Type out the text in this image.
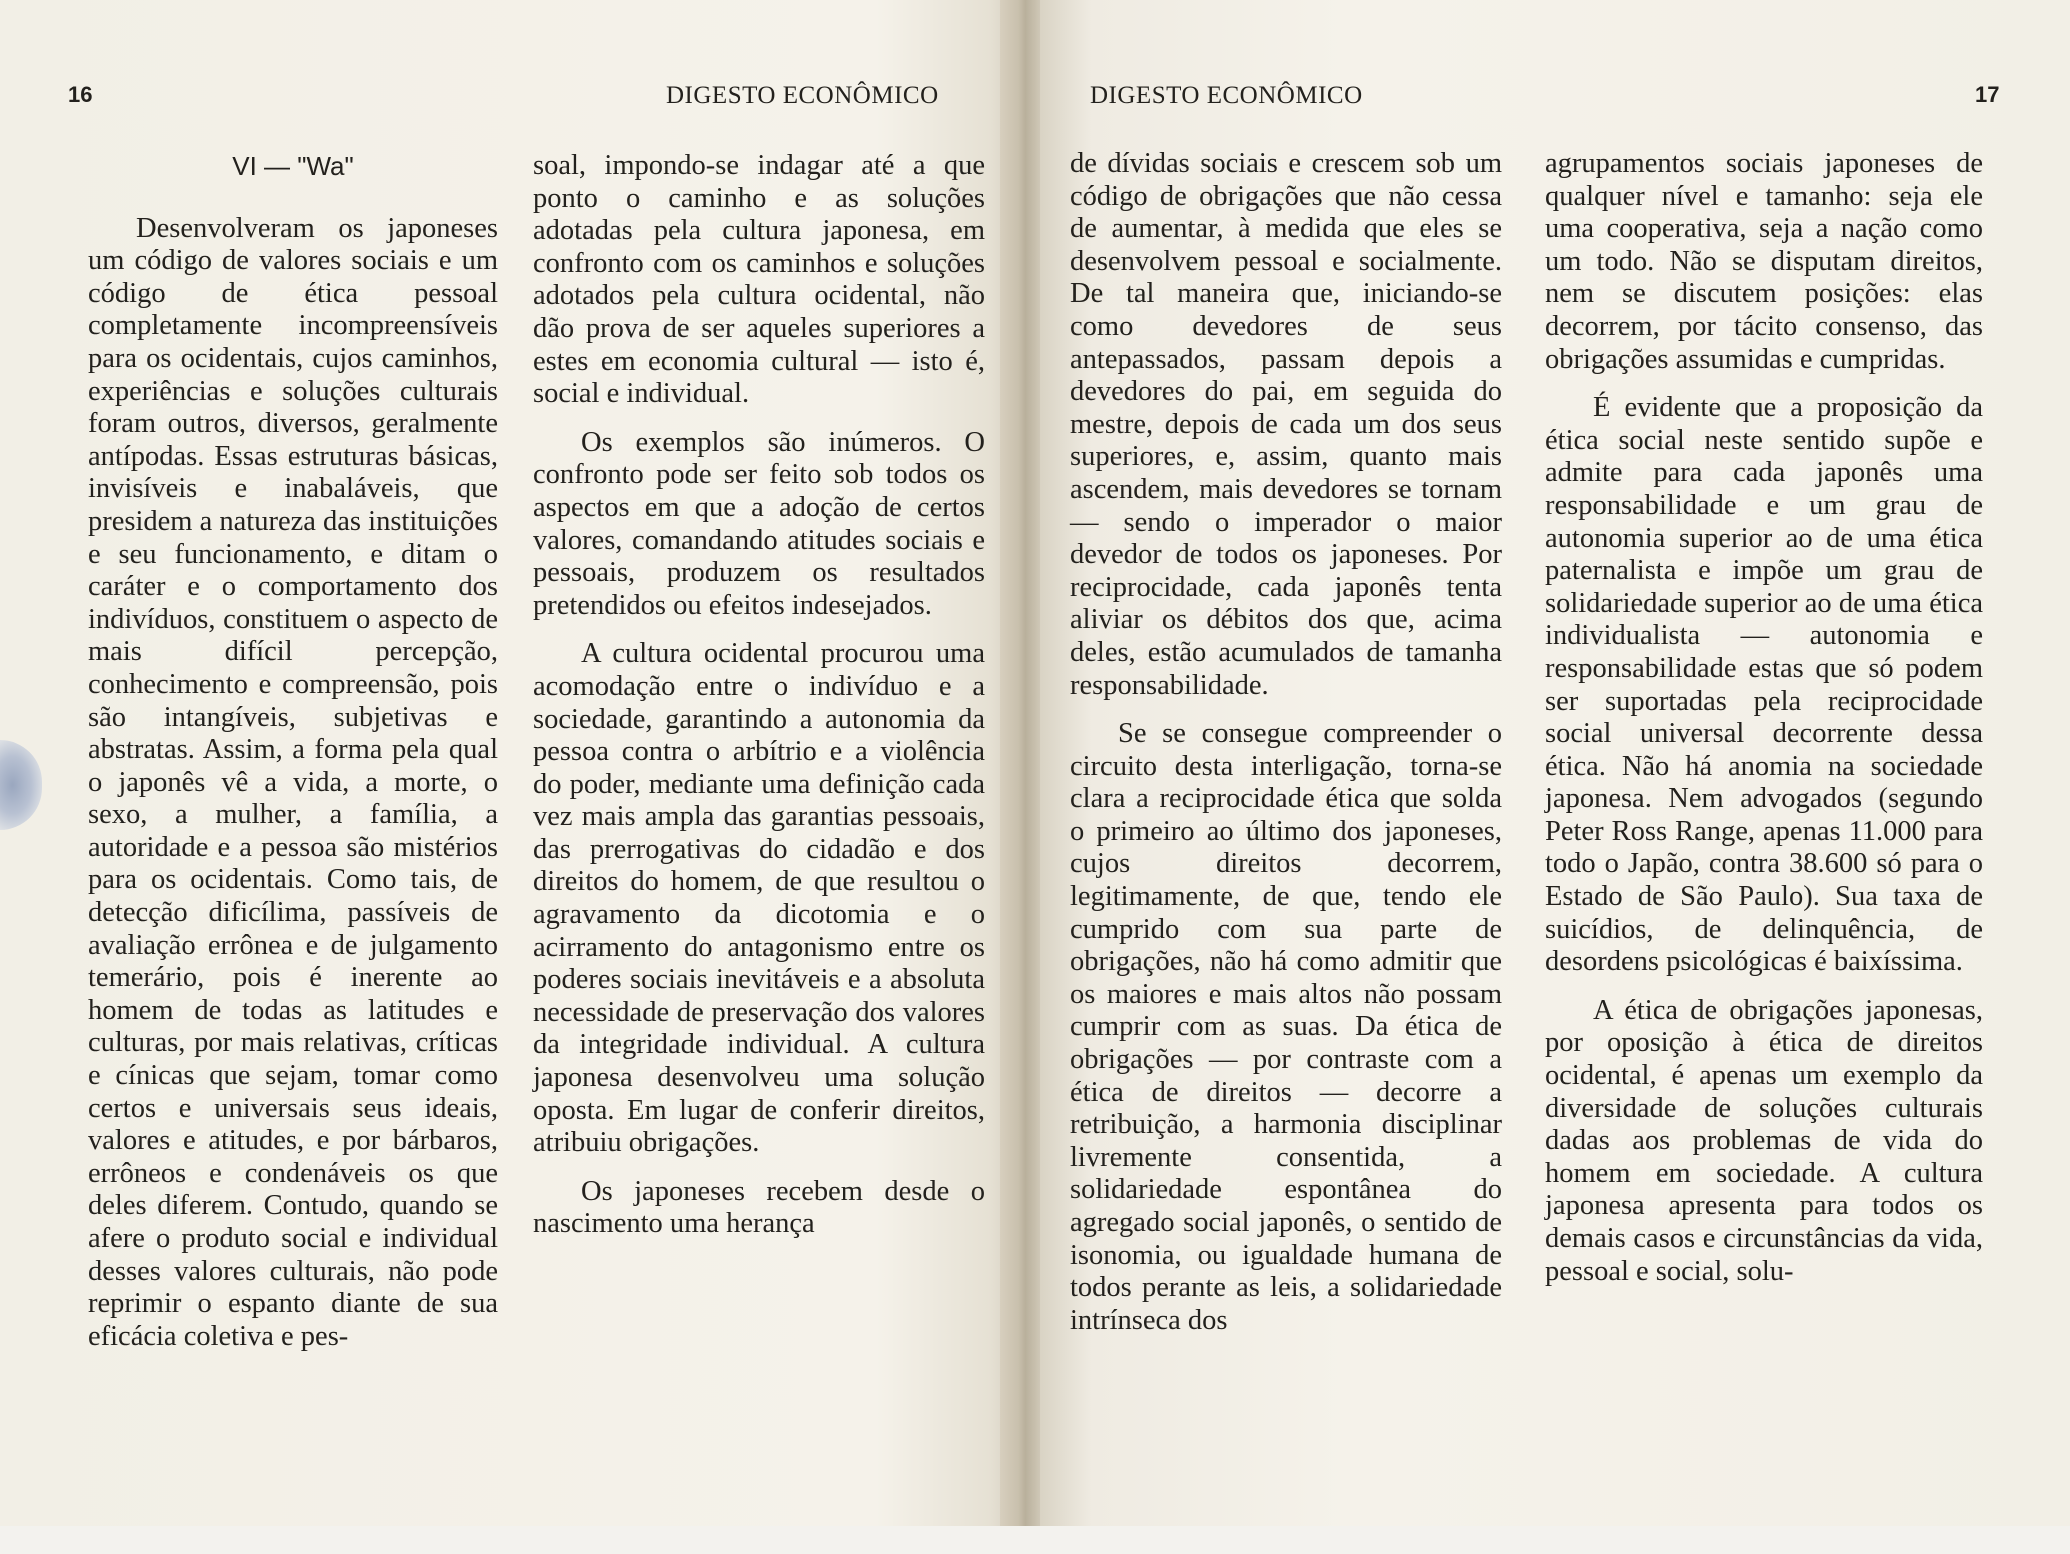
16	DIGESTO ECONÔMICO
VI — "Wa"

Desenvolveram os japoneses um código de valores sociais e um código de ética pessoal completamente incompreensíveis para os ocidentais, cujos caminhos, experiências e soluções culturais foram outros, diversos, geralmente antípodas. Essas estruturas básicas, invisíveis e inabaláveis, que presidem a natureza das instituições e seu funcionamento, e ditam o caráter e o comportamento dos indivíduos, constituem o aspecto de mais difícil percepção, conhecimento e compreensão, pois são intangíveis, subjetivas e abstratas. Assim, a forma pela qual o japonês vê a vida, a morte, o sexo, a mulher, a família, a autoridade e a pessoa são mistérios para os ocidentais. Como tais, de detecção dificílima, passíveis de avaliação errônea e de julgamento temerário, pois é inerente ao homem de todas as latitudes e culturas, por mais relativas, críticas e cínicas que sejam, tomar como certos e universais seus ideais, valores e atitudes, e por bárbaros, errôneos e condenáveis os que deles diferem. Contudo, quando se afere o produto social e individual desses valores culturais, não pode reprimir o espanto diante de sua eficácia coletiva e pes-

soal, impondo-se indagar até a que ponto o caminho e as soluções adotadas pela cultura japonesa, em confronto com os caminhos e soluções adotados pela cultura ocidental, não dão prova de ser aqueles superiores a estes em economia cultural — isto é, social e individual.

Os exemplos são inúmeros. O confronto pode ser feito sob todos os aspectos em que a adoção de certos valores, comandando atitudes sociais e pessoais, produzem os resultados pretendidos ou efeitos indesejados.

A cultura ocidental procurou uma acomodação entre o indivíduo e a sociedade, garantindo a autonomia da pessoa contra o arbítrio e a violência do poder, mediante uma definição cada vez mais ampla das garantias pessoais, das prerrogativas do cidadão e dos direitos do homem, de que resultou o agravamento da dicotomia e o acirramento do antagonismo entre os poderes sociais inevitáveis e a absoluta necessidade de preservação dos valores da integridade individual. A cultura japonesa desenvolveu uma solução oposta. Em lugar de conferir direitos, atribuiu obrigações.

Os japoneses recebem desde o nascimento uma herança

DIGESTO ECONÔMICO	17

de dívidas sociais e crescem sob um código de obrigações que não cessa de aumentar, à medida que eles se desenvolvem pessoal e socialmente. De tal maneira que, iniciando-se como devedores de seus antepassados, passam depois a devedores do pai, em seguida do mestre, depois de cada um dos seus superiores, e, assim, quanto mais ascendem, mais devedores se tornam — sendo o imperador o maior devedor de todos os japoneses. Por reciprocidade, cada japonês tenta aliviar os débitos dos que, acima deles, estão acumulados de tamanha responsabilidade.

Se se consegue compreender o circuito desta interligação, torna-se clara a reciprocidade ética que solda o primeiro ao último dos japoneses, cujos direitos decorrem, legitimamente, de que, tendo ele cumprido com sua parte de obrigações, não há como admitir que os maiores e mais altos não possam cumprir com as suas. Da ética de obrigações — por contraste com a ética de direitos — decorre a retribuição, a harmonia disciplinar livremente consentida, a solidariedade espontânea do agregado social japonês, o sentido de isonomia, ou igualdade humana de todos perante as leis, a solidariedade intrínseca dos

agrupamentos sociais japoneses de qualquer nível e tamanho: seja ele uma cooperativa, seja a nação como um todo. Não se disputam direitos, nem se discutem posições: elas decorrem, por tácito consenso, das obrigações assumidas e cumpridas.

É evidente que a proposição da ética social neste sentido supõe e admite para cada japonês uma responsabilidade e um grau de autonomia superior ao de uma ética paternalista e impõe um grau de solidariedade superior ao de uma ética individualista — autonomia e responsabilidade estas que só podem ser suportadas pela reciprocidade social universal decorrente dessa ética. Não há anomia na sociedade japonesa. Nem advogados (segundo Peter Ross Range, apenas 11.000 para todo o Japão, contra 38.600 só para o Estado de São Paulo). Sua taxa de suicídios, de delinquência, de desordens psicológicas é baixíssima.

A ética de obrigações japonesas, por oposição à ética de direitos ocidental, é apenas um exemplo da diversidade de soluções culturais dadas aos problemas de vida do homem em sociedade. A cultura japonesa apresenta para todos os demais casos e circunstâncias da vida, pessoal e social, solu-
